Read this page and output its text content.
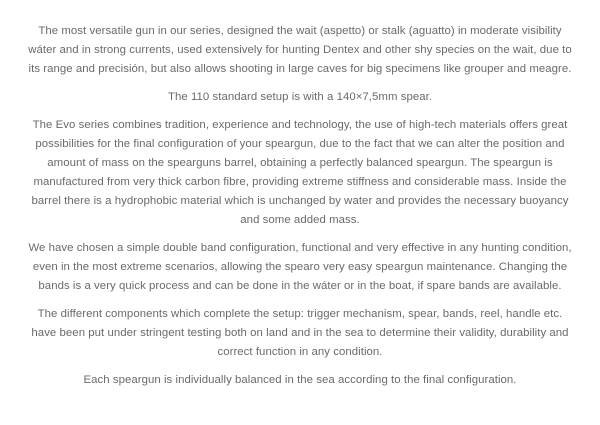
The most versatile gun in our series, designed the wait (aspetto) or stalk (aguatto) in moderate visibility wáter and in strong currents, used extensively for hunting Dentex and other shy species on the wait, due to its range and precisión, but also allows shooting in large caves for big specimens like grouper and meagre.

The 110 standard setup is with a 140×7,5mm spear.

The Evo series combines tradition, experience and technology, the use of high-tech materials offers great possibilities for the final configuration of your speargun, due to the fact that we can alter the position and amount of mass on the spearguns barrel, obtaining a perfectly balanced speargun. The speargun is manufactured from very thick carbon fibre, providing extreme stiffness and considerable mass. Inside the barrel there is a hydrophobic material which is unchanged by water and provides the necessary buoyancy and some added mass.

We have chosen a simple double band configuration, functional and very effective in any hunting condition, even in the most extreme scenarios, allowing the spearo very easy speargun maintenance. Changing the bands is a very quick process and can be done in the wáter or in the boat, if spare bands are available.

The different components which complete the setup: trigger mechanism, spear, bands, reel, handle etc. have been put under stringent testing both on land and in the sea to determine their validity, durability and correct function in any condition.

Each speargun is individually balanced in the sea according to the final configuration.
